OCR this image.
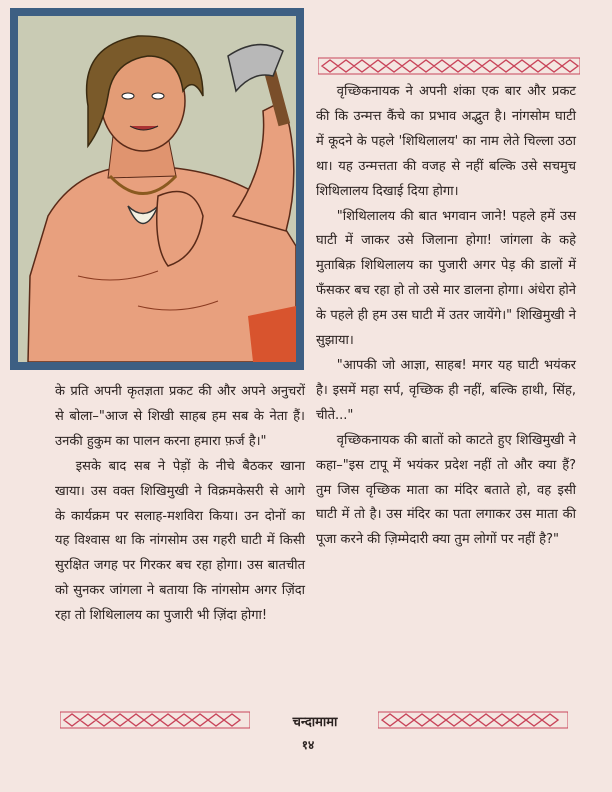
वृच्छिकनायक ने अपनी शंका एक बार और प्रकट की कि उन्मत्त कैंचे का प्रभाव अद्भुत है। नांगसोम घाटी में कूदने के पहले 'शिथिलालय' का नाम लेते चिल्ला उठा था। यह उन्मत्तता की वजह से नहीं बल्कि उसे सचमुच शिथिलालय दिखाई दिया होगा।

"शिथिलालय की बात भगवान जाने! पहले हमें उस घाटी में जाकर उसे जिलाना होगा! जांगला के कहे मुताबिक़ शिथिलालय का पुजारी अगर पेड़ की डालों में फँसकर बच रहा हो तो उसे मार डालना होगा। अंधेरा होने के पहले ही हम उस घाटी में उतर जायेंगे।" शिखिमुखी ने सुझाया।

"आपकी जो आज्ञा, साहब! मगर यह घाटी भयंकर है। इसमें महा सर्प, वृच्छिक ही नहीं, बल्कि हाथी, सिंह, चीते..."

वृच्छिकनायक की बातों को काटते हुए शिखिमुखी ने कहा–"इस टापू में भयंकर प्रदेश नहीं तो और क्या हैं? तुम जिस वृच्छिक माता का मंदिर बताते हो, वह इसी घाटी में तो है। उस मंदिर का पता लगाकर उस माता की पूजा करने की ज़िम्मेदारी क्या तुम लोगों पर नहीं है?"

के प्रति अपनी कृतज्ञता प्रकट की और अपने अनुचरों से बोला–"आज से शिखी साहब हम सब के नेता हैं। उनकी हुकुम का पालन करना हमारा फ़र्ज है।"

इसके बाद सब ने पेड़ों के नीचे बैठकर खाना खाया। उस वक्त शिखिमुखी ने विक्रमकेसरी से आगे के कार्यक्रम पर सलाह-मशविरा किया। उन दोनों का यह विश्वास था कि नांगसोम उस गहरी घाटी में किसी सुरक्षित जगह पर गिरकर बच रहा होगा। उस बातचीत को सुनकर जांगला ने बताया कि नांगसोम अगर ज़िंदा रहा तो शिथिलालय का पुजारी भी ज़िंदा होगा!

चन्दामामा
१४
